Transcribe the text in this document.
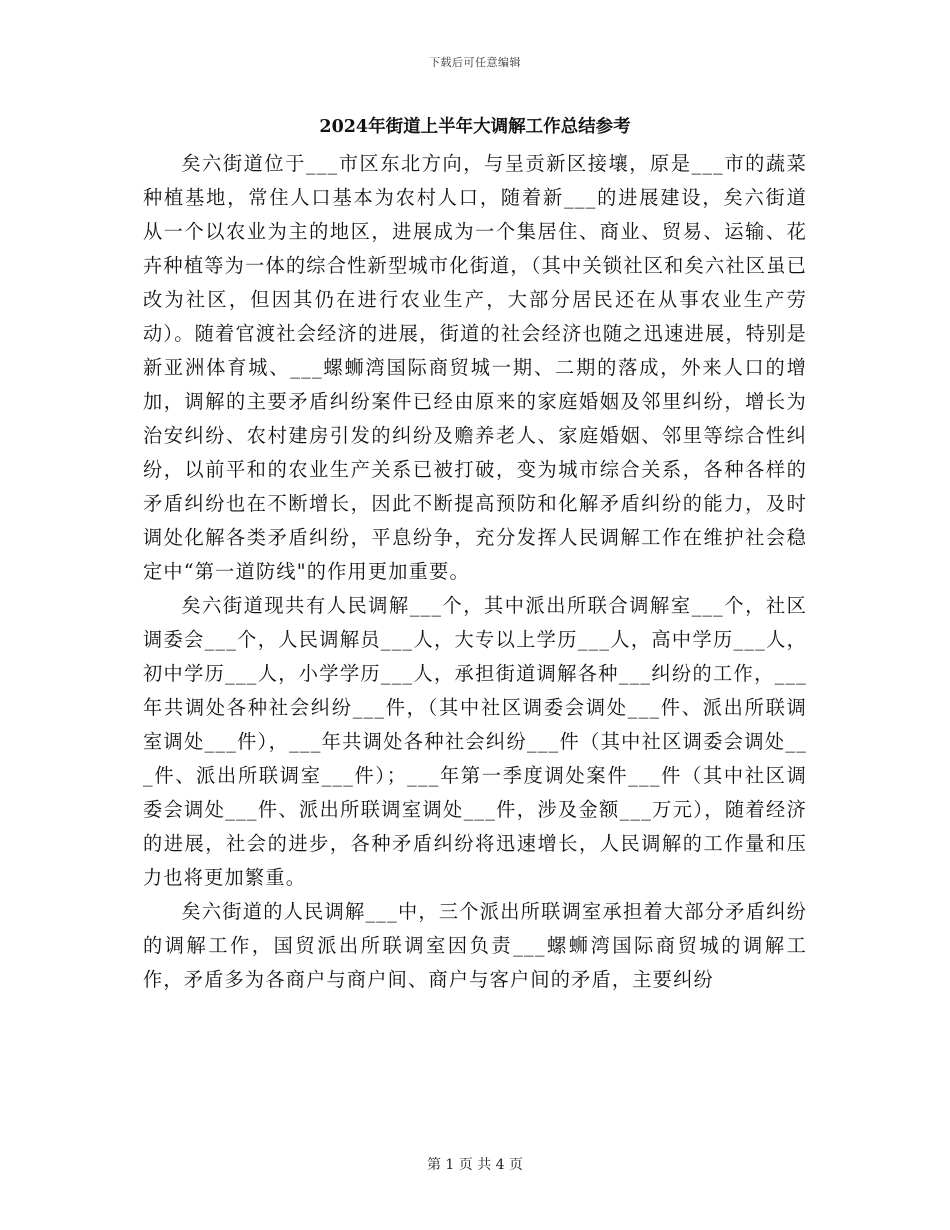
下载后可任意编辑
2024年街道上半年大调解工作总结参考

矣六街道位于___市区东北方向，与呈贡新区接壤，原是___市的蔬菜种植基地，常住人口基本为农村人口，随着新___的进展建设，矣六街道从一个以农业为主的地区，进展成为一个集居住、商业、贸易、运输、花卉种植等为一体的综合性新型城市化街道，（其中关锁社区和矣六社区虽已改为社区，但因其仍在进行农业生产，大部分居民还在从事农业生产劳动）。随着官渡社会经济的进展，街道的社会经济也随之迅速进展，特别是新亚洲体育城、___螺蛳湾国际商贸城一期、二期的落成，外来人口的增加，调解的主要矛盾纠纷案件已经由原来的家庭婚姻及邻里纠纷，增长为治安纠纷、农村建房引发的纠纷及赡养老人、家庭婚姻、邻里等综合性纠纷，以前平和的农业生产关系已被打破，变为城市综合关系，各种各样的矛盾纠纷也在不断增长，因此不断提高预防和化解矛盾纠纷的能力，及时调处化解各类矛盾纠纷，平息纷争，充分发挥人民调解工作在维护社会稳定中“第一道防线"的作用更加重要。

矣六街道现共有人民调解___个，其中派出所联合调解室___个，社区调委会___个，人民调解员___人，大专以上学历___人，高中学历___人，初中学历___人，小学学历___人，承担街道调解各种___纠纷的工作，___年共调处各种社会纠纷___件，（其中社区调委会调处___件、派出所联调室调处___件），___年共调处各种社会纠纷___件（其中社区调委会调处___件、派出所联调室___件）；___年第一季度调处案件___件（其中社区调委会调处___件、派出所联调室调处___件，涉及金额___万元），随着经济的进展，社会的进步，各种矛盾纠纷将迅速增长，人民调解的工作量和压力也将更加繁重。

矣六街道的人民调解___中，三个派出所联调室承担着大部分矛盾纠纷的调解工作，国贸派出所联调室因负责___螺蛳湾国际商贸城的调解工作，矛盾多为各商户与商户间、商户与客户间的矛盾，主要纠纷

第 1 页 共 4 页
